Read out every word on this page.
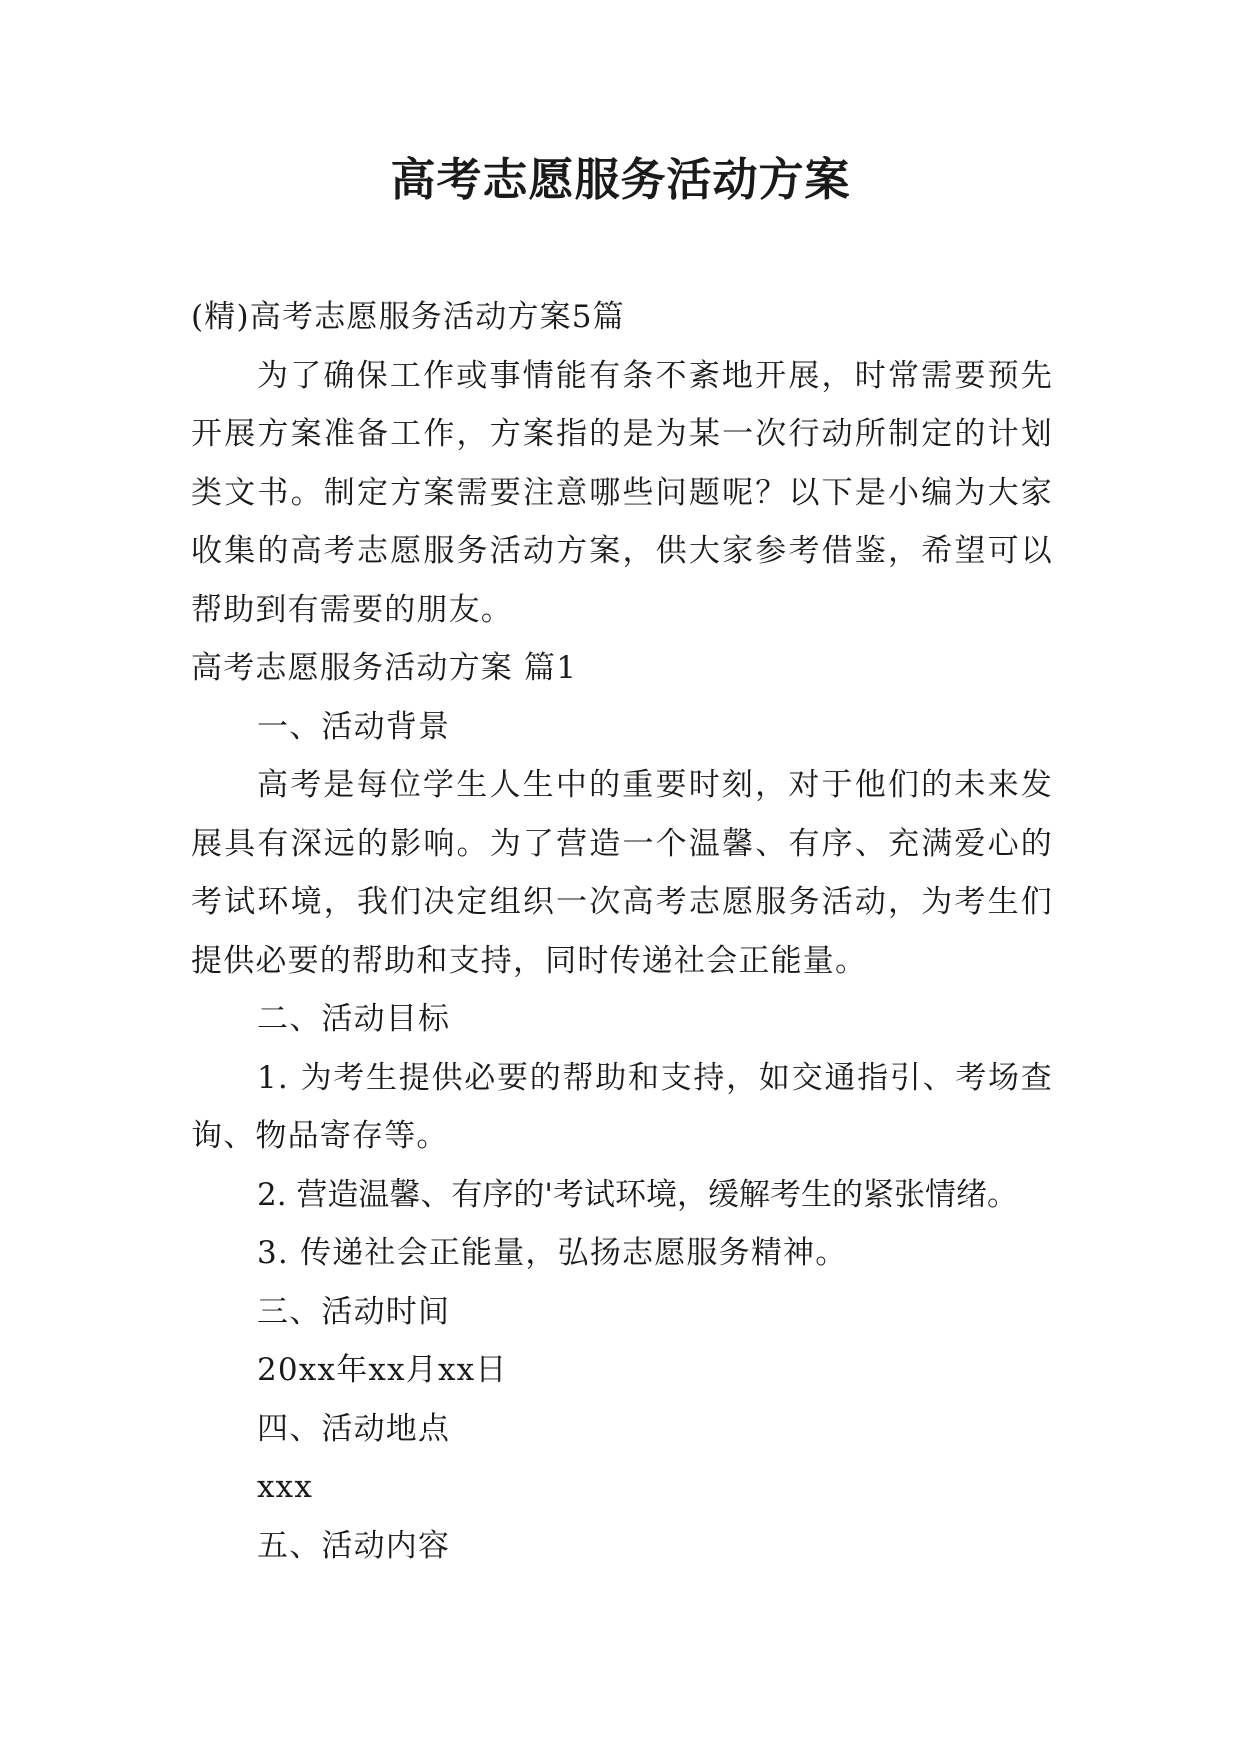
高考志愿服务活动方案

(精)高考志愿服务活动方案5篇

为了确保工作或事情能有条不紊地开展，时常需要预先开展方案准备工作，方案指的是为某一次行动所制定的计划类文书。制定方案需要注意哪些问题呢？以下是小编为大家收集的高考志愿服务活动方案，供大家参考借鉴，希望可以帮助到有需要的朋友。

高考志愿服务活动方案 篇1

一、活动背景

高考是每位学生人生中的重要时刻，对于他们的未来发展具有深远的影响。为了营造一个温馨、有序、充满爱心的考试环境，我们决定组织一次高考志愿服务活动，为考生们提供必要的帮助和支持，同时传递社会正能量。

二、活动目标

1. 为考生提供必要的帮助和支持，如交通指引、考场查询、物品寄存等。

2. 营造温馨、有序的'考试环境，缓解考生的紧张情绪。

3. 传递社会正能量，弘扬志愿服务精神。

三、活动时间

20xx年xx月xx日

四、活动地点

xxx

五、活动内容
